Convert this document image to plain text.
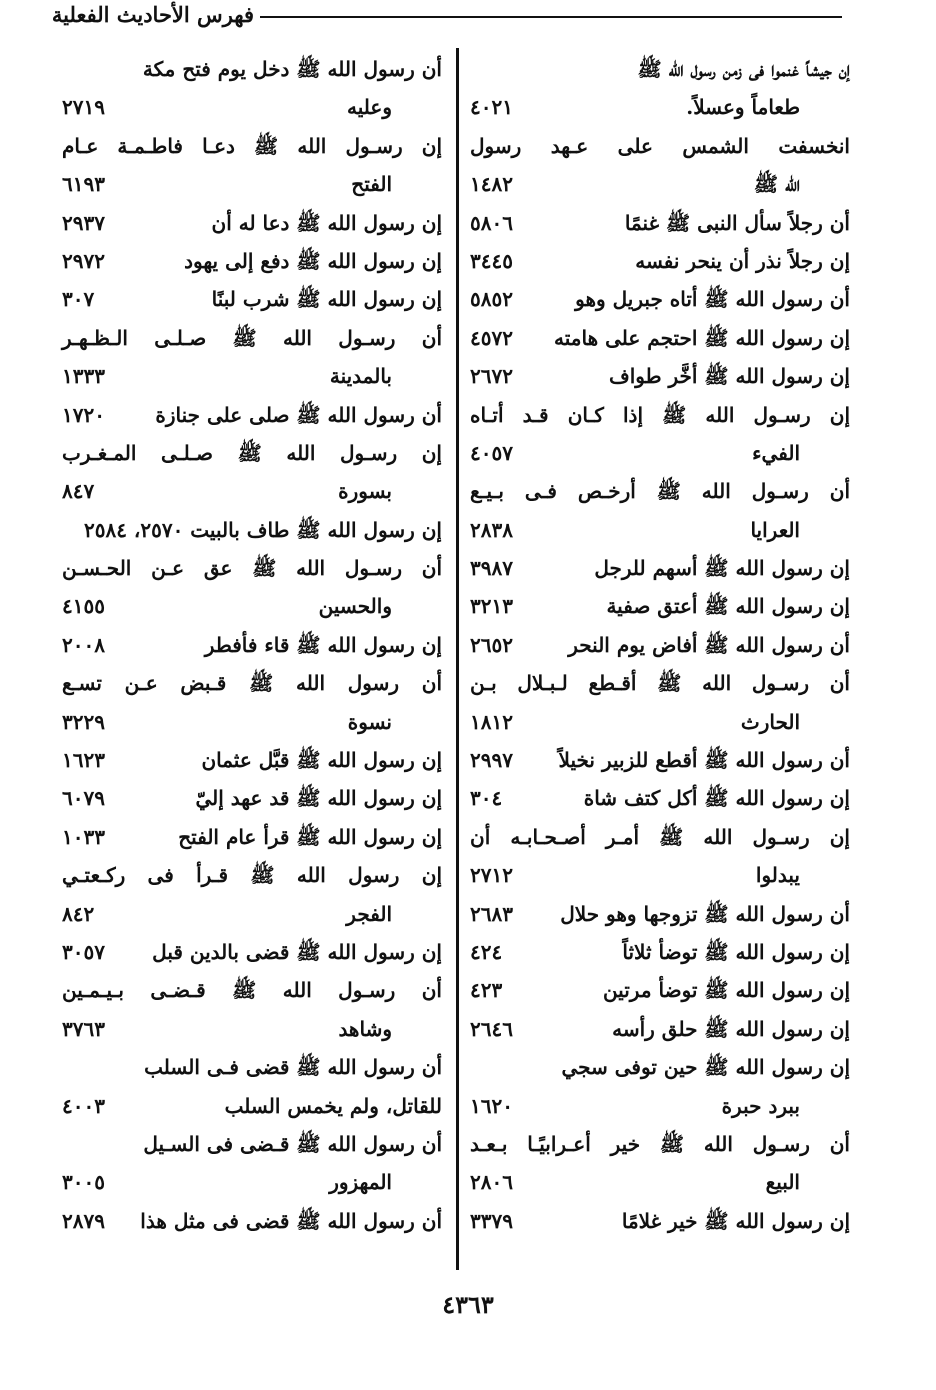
فهرس الأحاديث الفعلية
إن جيشاً غنموا فى زمن رسول الله ﷺ
طعاماً وعسلاً.
٤٠٢١
انخسفت الشمس على عـهد رسول
الله ﷺ
١٤٨٢
أن رجلاً سأل النبى ﷺ غنمًا
٥٨٠٦
إن رجلاً نذر أن ينحر نفسه
٣٤٤٥
أن رسول الله ﷺ أتاه جبريل وهو
٥٨٥٢
إن رسول الله ﷺ احتجم على هامته
٤٥٧٢
إن رسول الله ﷺ أخَّر طواف
٢٦٧٢
إن رسـول الله ﷺ إذا كـان قـد أتـاه
الفيء
٤٠٥٧
أن رسـول الله ﷺ أرخـص فـى بـيـع
العرايا
٢٨٣٨
إن رسول الله ﷺ أسهم للرجل
٣٩٨٧
إن رسول الله ﷺ أعتق صفية
٣٢١٣
أن رسول الله ﷺ أفاض يوم النحر
٢٦٥٢
أن رسـول الله ﷺ أقـطع لـبـلال بـن
الحارث
١٨١٢
أن رسول الله ﷺ أقطع للزبير نخيلاً
٢٩٩٧
إن رسول الله ﷺ أكل كتف شاة
٣٠٤
إن رسـول الله ﷺ أمـر أصـحـابـه أن
يبدلوا
٢٧١٢
أن رسول الله ﷺ تزوجها وهو حلال
٢٦٨٣
إن رسول الله ﷺ توضأ ثلاثاً
٤٢٤
إن رسول الله ﷺ توضأ مرتين
٤٢٣
إن رسول الله ﷺ حلق رأسه
٢٦٤٦
إن رسول الله ﷺ حين توفى سجي
ببرد حبرة
١٦٢٠
أن رسـول الله ﷺ خير أعـرابيًـا بـعـد
البيع
٢٨٠٦
إن رسول الله ﷺ خير غلامًا
٣٣٧٩
أن رسول الله ﷺ دخل يوم فتح مكة
وعليه
٢٧١٩
إن رسـول الله ﷺ دعـا فاطـمـة عـام
الفتح
٦١٩٣
إن رسول الله ﷺ دعا له أن
٢٩٣٧
إن رسول الله ﷺ دفع إلى يهود
٢٩٧٢
إن رسول الله ﷺ شرب لبنًا
٣٠٧
أن رسـول الله ﷺ صـلـى الـظـهـر
بالمدينة
١٣٣٣
أن رسول الله ﷺ صلى على جنازة
١٧٢٠
إن رسـول الله ﷺ صـلـى المـغـرب
بسورة
٨٤٧
إن رسول الله ﷺ طاف بالبيت ٢٥٧٠، ٢٥٨٤
أن رسـول الله ﷺ عق عـن الحـسـن
والحسين
٤١٥٥
إن رسول الله ﷺ قاء فأفطر
٢٠٠٨
أن رسول الله ﷺ قـبض عـن تسـع
نسوة
٣٢٢٩
إن رسول الله ﷺ قبَّل عثمان
١٦٢٣
إن رسول الله ﷺ قد عهد إليّ
٦٠٧٩
إن رسول الله ﷺ قرأ عام الفتح
١٠٣٣
إن رسول الله ﷺ قـرأ فى ركـعتـي
الفجر
٨٤٢
إن رسول الله ﷺ قضى بالدين قبل
٣٠٥٧
أن رسـول الله ﷺ قـضـى بـيـمـين
وشاهد
٣٧٦٣
أن رسول الله ﷺ قضى فـى السلب
للقاتل، ولم يخمس السلب
٤٠٠٣
أن رسول الله ﷺ قـضى فى السـيل
المهزور
٣٠٠٥
أن رسول الله ﷺ قضى فى مثل هذا
٢٨٧٩
٤٣٦٣
